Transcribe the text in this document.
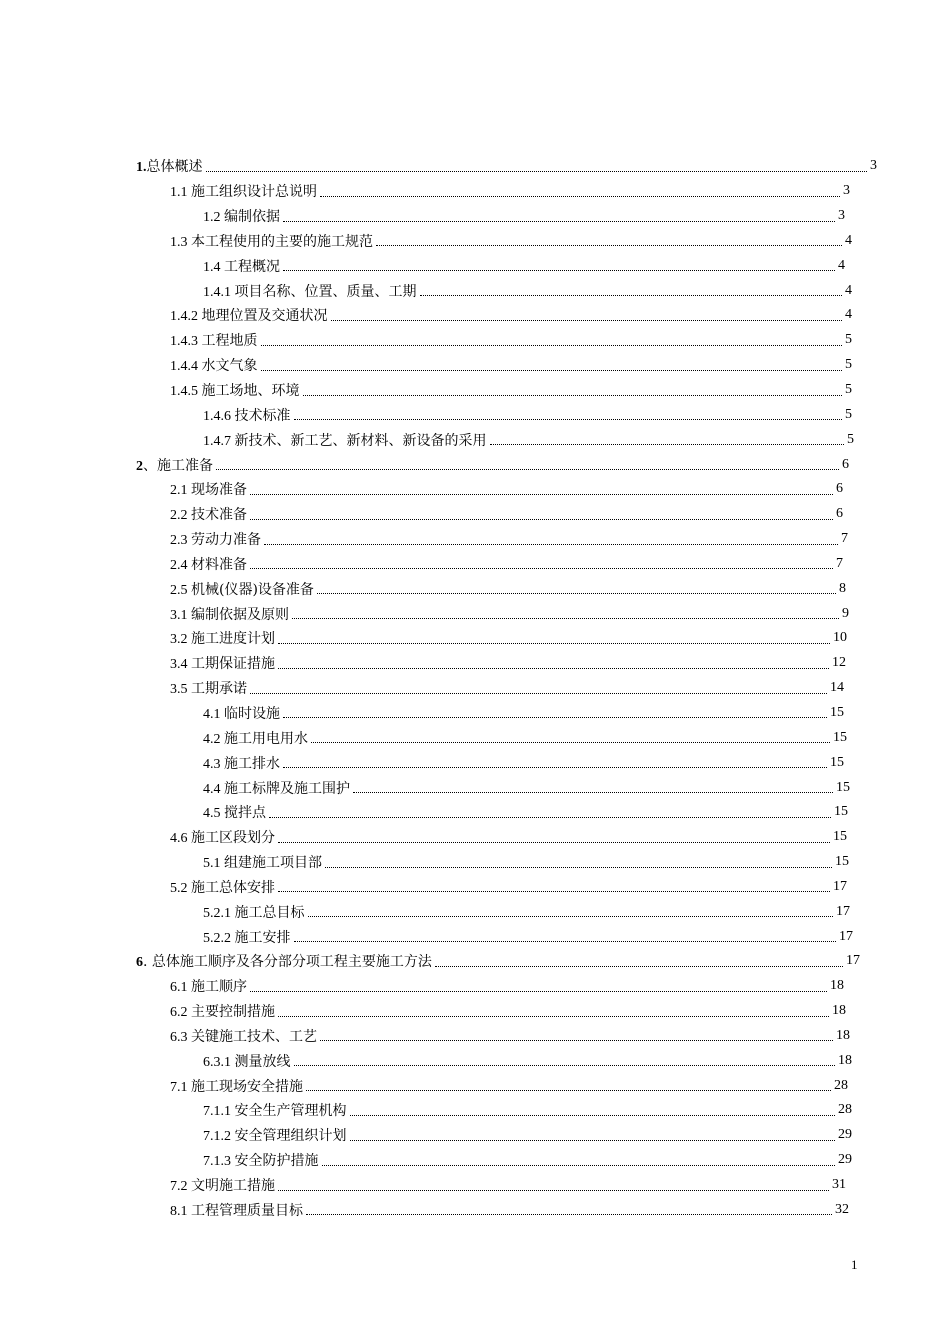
1.总体概述	3
1.1 施工组织设计总说明	3
1.2 编制依据	3
1.3 本工程使用的主要的施工规范	4
1.4 工程概况	4
1.4.1 项目名称、位置、质量、工期	4
1.4.2 地理位置及交通状况	4
1.4.3 工程地质	5
1.4.4 水文气象	5
1.4.5 施工场地、环境	5
1.4.6 技术标准	5
1.4.7 新技术、新工艺、新材料、新设备的采用	5
2、施工准备	6
2.1 现场准备	6
2.2 技术准备	6
2.3 劳动力准备	7
2.4 材料准备	7
2.5 机械(仪器)设备准备	8
3.1 编制依据及原则	9
3.2 施工进度计划	10
3.4 工期保证措施	12
3.5 工期承诺	14
4.1 临时设施	15
4.2 施工用电用水	15
4.3 施工排水	15
4.4 施工标牌及施工围护	15
4.5 搅拌点	15
4.6 施工区段划分	15
5.1 组建施工项目部	15
5.2 施工总体安排	17
5.2.1 施工总目标	17
5.2.2 施工安排	17
6. 总体施工顺序及各分部分项工程主要施工方法	17
6.1 施工顺序	18
6.2 主要控制措施	18
6.3 关键施工技术、工艺	18
6.3.1 测量放线	18
7.1 施工现场安全措施	28
7.1.1 安全生产管理机构	28
7.1.2 安全管理组织计划	29
7.1.3 安全防护措施	29
7.2 文明施工措施	31
8.1 工程管理质量目标	32
1
